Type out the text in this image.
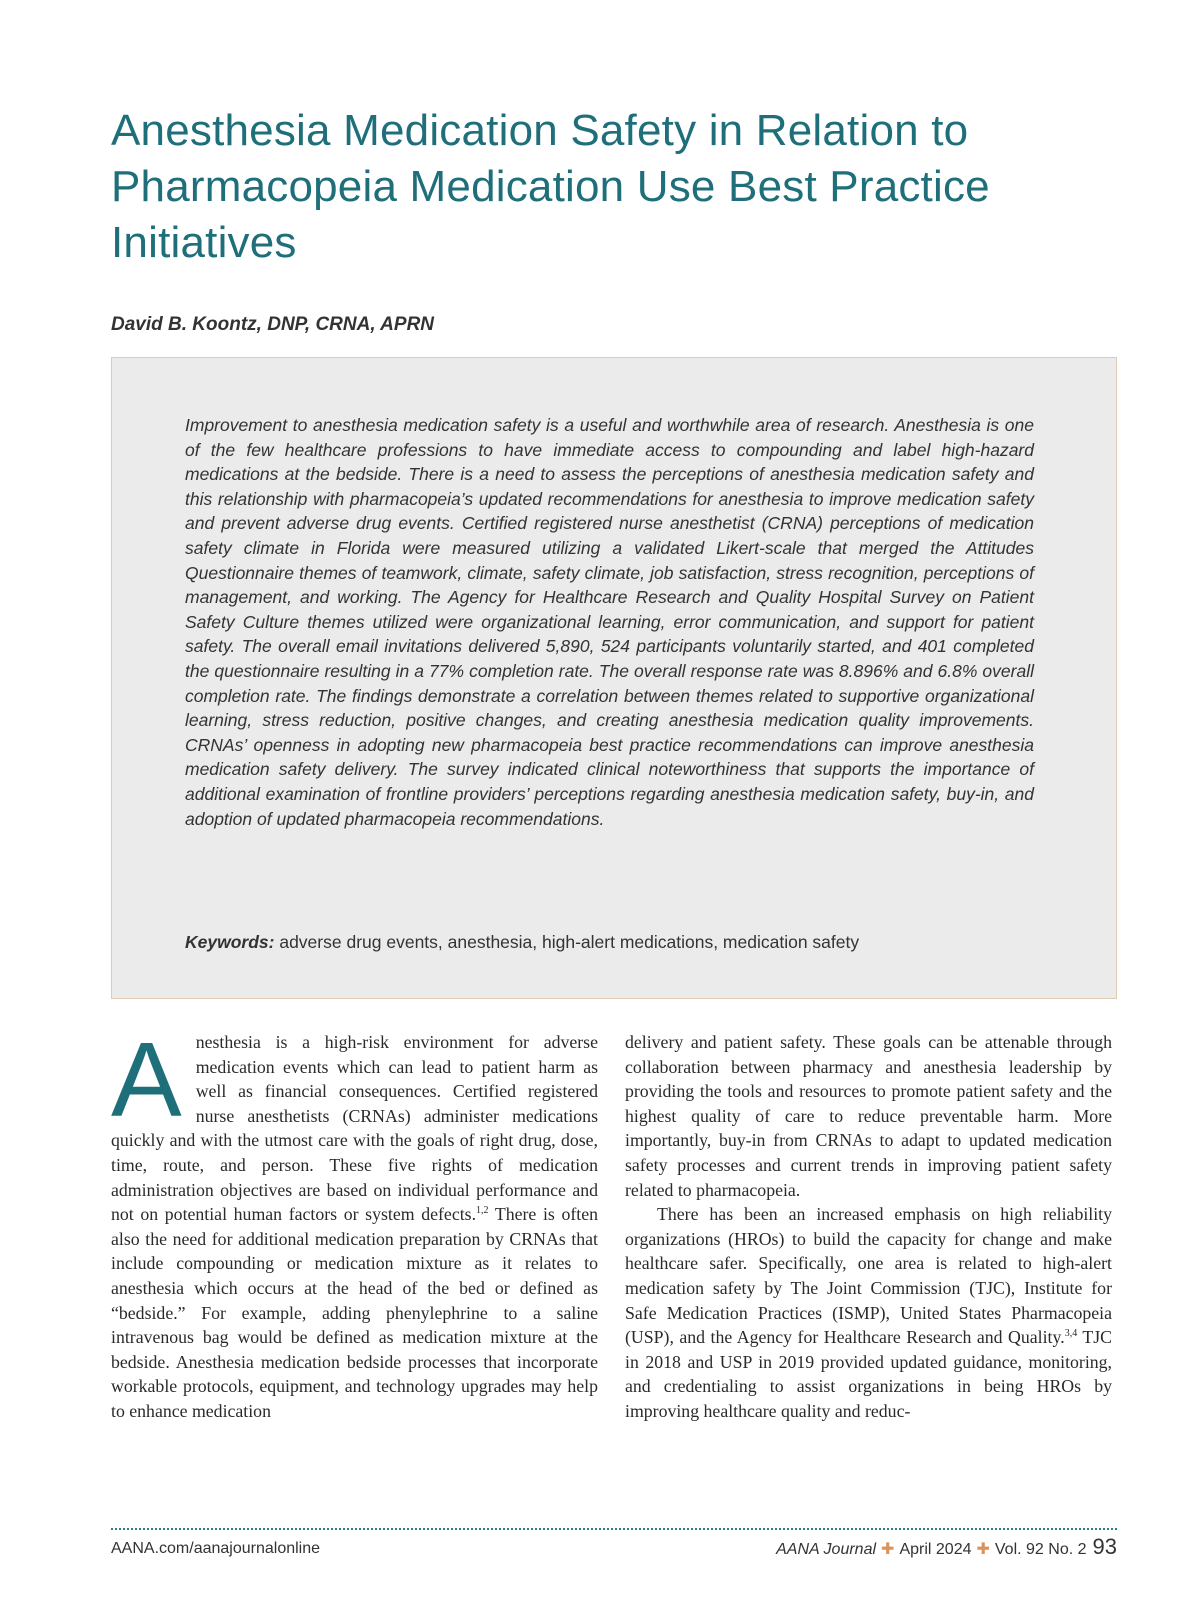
Anesthesia Medication Safety in Relation to Pharmacopeia Medication Use Best Practice Initiatives
David B. Koontz, DNP, CRNA, APRN

Improvement to anesthesia medication safety is a useful and worthwhile area of research. Anesthesia is one of the few healthcare professions to have immediate access to compounding and label high-hazard medications at the bedside. There is a need to assess the perceptions of anesthesia medication safety and this relationship with pharmacopeia’s updated recommendations for anesthesia to improve medication safety and prevent adverse drug events. Certified registered nurse anesthetist (CRNA) perceptions of medication safety climate in Florida were measured utilizing a validated Likert-scale that merged the Attitudes Questionnaire themes of teamwork, climate, safety climate, job satisfaction, stress recognition, perceptions of management, and working. The Agency for Healthcare Research and Quality Hospital Survey on Patient Safety Culture themes utilized were organizational learning, error communication, and support for patient safety. The overall email invitations delivered 5,890, 524 participants voluntarily started, and 401 completed the questionnaire resulting in a 77% completion rate. The overall response rate was 8.896% and 6.8% overall completion rate. The findings demonstrate a correlation between themes related to supportive organizational learning, stress reduction, positive changes, and creating anesthesia medication quality improvements. CRNAs’ openness in adopting new pharmacopeia best practice recommendations can improve anesthesia medication safety delivery. The survey indicated clinical noteworthiness that supports the importance of additional examination of frontline providers’ perceptions regarding anesthesia medication safety, buy-in, and adoption of updated pharmacopeia recommendations.

Keywords: adverse drug events, anesthesia, high-alert medications, medication safety

Anesthesia is a high-risk environment for adverse medication events which can lead to patient harm as well as financial consequences. Certified registered nurse anesthetists (CRNAs) administer medications quickly and with the utmost care with the goals of right drug, dose, time, route, and person. These five rights of medication administration objectives are based on individual performance and not on potential human factors or system defects.$^{1,2}$ There is often also the need for additional medication preparation by CRNAs that include compounding or medication mixture as it relates to anesthesia which occurs at the head of the bed or defined as “bedside.” For example, adding phenylephrine to a saline intravenous bag would be defined as medication mixture at the bedside. Anesthesia medication bedside processes that incorporate workable protocols, equipment, and technology upgrades may help to enhance medication

delivery and patient safety. These goals can be attenable through collaboration between pharmacy and anesthesia leadership by providing the tools and resources to promote patient safety and the highest quality of care to reduce preventable harm. More importantly, buy-in from CRNAs to adapt to updated medication safety processes and current trends in improving patient safety related to pharmacopeia.

There has been an increased emphasis on high reliability organizations (HROs) to build the capacity for change and make healthcare safer. Specifically, one area is related to high-alert medication safety by The Joint Commission (TJC), Institute for Safe Medication Practices (ISMP), United States Pharmacopeia (USP), and the Agency for Healthcare Research and Quality.$^{3,4}$ TJC in 2018 and USP in 2019 provided updated guidance, monitoring, and credentialing to assist organizations in being HROs by improving healthcare quality and reduc-

AANA.com/aanajournalonline	AANA Journal ✚ April 2024 ✚ Vol. 92 No. 2 93
